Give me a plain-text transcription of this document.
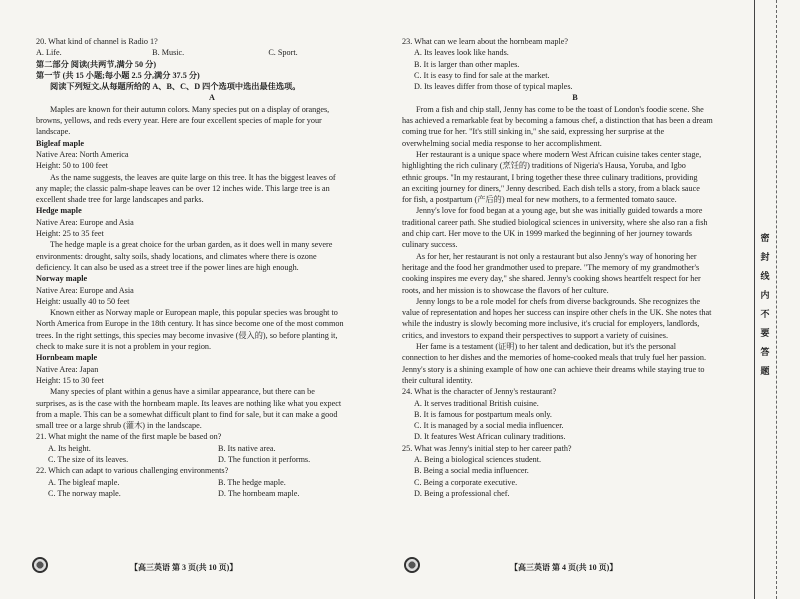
20. What kind of channel is Radio 1?
A. Life.	B. Music.	C. Sport.
第二部分 阅读(共两节,满分 50 分)
第一节 (共 15 小题;每小题 2.5 分,满分 37.5 分)
阅读下列短文,从每题所给的 A、B、C、D 四个选项中选出最佳选项。
A
Maples are known for their autumn colors. Many species put on a display of oranges,
browns, yellows, and reds every year. Here are four excellent species of maple for your
landscape.
Bigleaf maple
Native Area: North America
Height: 50 to 100 feet
As the name suggests, the leaves are quite large on this tree. It has the biggest leaves of
any maple; the classic palm-shape leaves can be over 12 inches wide. This large tree is an
excellent shade tree for large landscapes and parks.
Hedge maple
Native Area: Europe and Asia
Height: 25 to 35 feet
The hedge maple is a great choice for the urban garden, as it does well in many severe
environments: drought, salty soils, shady locations, and climates where there is ozone
deficiency. It can also be used as a street tree if the power lines are high enough.
Norway maple
Native Area: Europe and Asia
Height: usually 40 to 50 feet
Known either as Norway maple or European maple, this popular species was brought to
North America from Europe in the 18th century. It has since become one of the most common
trees. In the right settings, this species may become invasive (侵入的), so before planting it,
check to make sure it is not a problem in your region.
Hornbeam maple
Native Area: Japan
Height: 15 to 30 feet
Many species of plant within a genus have a similar appearance, but there can be
surprises, as is the case with the hornbeam maple. Its leaves are nothing like what you expect
from a maple. This can be a somewhat difficult plant to find for sale, but it can make a good
small tree or a large shrub (灌木) in the landscape.
21. What might the name of the first maple be based on?
A. Its height.	B. Its native area.
C. The size of its leaves.	D. The function it performs.
22. Which can adapt to various challenging environments?
A. The bigleaf maple.	B. The hedge maple.
C. The norway maple.	D. The hornbeam maple.
23. What can we learn about the hornbeam maple?
A. Its leaves look like hands.
B. It is larger than other maples.
C. It is easy to find for sale at the market.
D. Its leaves differ from those of typical maples.
B
From a fish and chip stall, Jenny has come to be the toast of London's foodie scene. She
has achieved a remarkable feat by becoming a famous chef, a distinction that has been a dream
coming true for her. "It's still sinking in," she said, expressing her surprise at the
overwhelming social media response to her accomplishment.
Her restaurant is a unique space where modern West African cuisine takes center stage,
highlighting the rich culinary (烹饪的) traditions of Nigeria's Hausa, Yoruba, and Igbo
ethnic groups. "In my restaurant, I bring together these three culinary traditions, providing
an exciting journey for diners," Jenny described. Each dish tells a story, from a black sauce
for fish, a postpartum (产后的) meal for new mothers, to a fermented tomato sauce.
Jenny's love for food began at a young age, but she was initially guided towards a more
traditional career path. She studied biological sciences in university, where she also ran a fish
and chip cart. Her move to the UK in 1999 marked the beginning of her journey towards
culinary success.
As for her, her restaurant is not only a restaurant but also Jenny's way of honoring her
heritage and the food her grandmother used to prepare. "The memory of my grandmother's
cooking inspires me every day," she shared. Jenny's cooking shows heartfelt respect for her
roots, and her mission is to showcase the flavors of her culture.
Jenny longs to be a role model for chefs from diverse backgrounds. She recognizes the
value of representation and hopes her success can inspire other chefs in the UK. She notes that
while the industry is slowly becoming more inclusive, it's crucial for employers, landlords,
critics, and investors to expand their perspectives to support a variety of cuisines.
Her fame is a testament (证明) to her talent and dedication, but it's the personal
connection to her dishes and the memories of home-cooked meals that truly fuel her passion.
Jenny's story is a shining example of how one can achieve their dreams while staying true to
their cultural identity.
24. What is the character of Jenny's restaurant?
A. It serves traditional British cuisine.
B. It is famous for postpartum meals only.
C. It is managed by a social media influencer.
D. It features West African culinary traditions.
25. What was Jenny's initial step to her career path?
A. Being a biological sciences student.
B. Being a social media influencer.
C. Being a corporate executive.
D. Being a professional chef.
【高三英语 第 3 页(共 10 页)】	【高三英语 第 4 页(共 10 页)】
密
封
线
内
不
要
答
题
